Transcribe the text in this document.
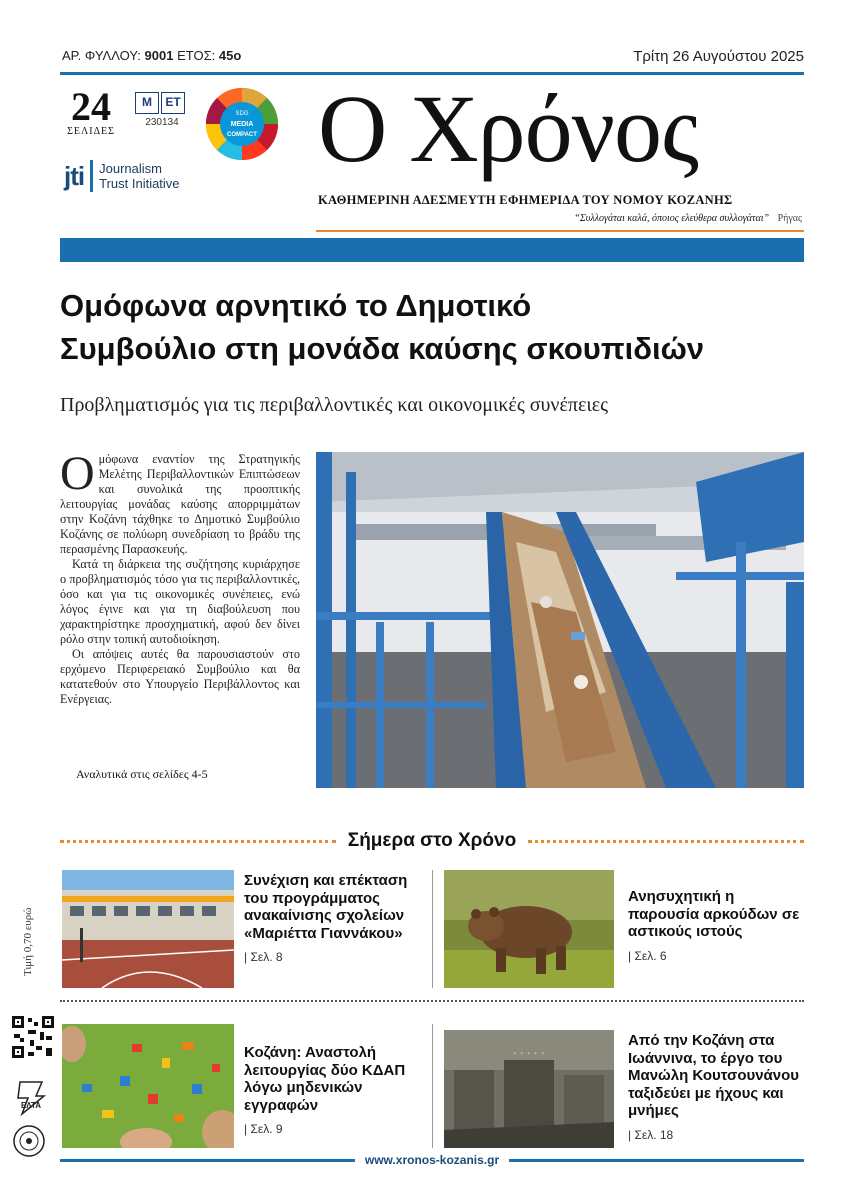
ΑΡ. ΦΥΛΛΟΥ: 9001 ΕΤΟΣ: 45ο	Τρίτη 26 Αυγούστου 2025
24
ΣΕΛΙΔΕΣ
Μ	ΕΤ
230134
SDG
MEDIA
COMPACT
jti Journalism
Trust Initiative
Ο Χρόνος
ΚΑΘΗΜΕΡΙΝΗ ΑΔΕΣΜΕΥΤΗ ΕΦΗΜΕΡΙΔΑ ΤΟΥ ΝΟΜΟΥ ΚΟΖΑΝΗΣ
“Συλλογάται καλά, όποιος ελεύθερα συλλογάται” Ρήγας
Ομόφωνα αρνητικό το Δημοτικό
Συμβούλιο στη μονάδα καύσης σκουπιδιών
Προβληματισμός για τις περιβαλλοντικές και οικονομικές συνέπειες

Ομόφωνα εναντίον της Στρατηγικής Μελέτης Περιβαλλοντικών Επιπτώσεων και συνολικά της προοπτικής λειτουργίας μονάδας καύσης απορριμμάτων στην Κοζάνη τάχθηκε το Δημοτικό Συμβούλιο Κοζάνης σε πολύωρη συνεδρίαση το βράδυ της περασμένης Παρασκευής.

Κατά τη διάρκεια της συζήτησης κυριάρχησε ο προβληματισμός τόσο για τις περιβαλλοντικές, όσο και για τις οικονομικές συνέπειες, ενώ λόγος έγινε και για τη διαβούλευση που χαρακτηρίστηκε προσχηματική, αφού δεν δίνει ρόλο στην τοπική αυτοδιοίκηση.

Οι απόψεις αυτές θα παρουσιαστούν στο ερχόμενο Περιφερειακό Συμβούλιο και θα κατατεθούν στο Υπουργείο Περιβάλλοντος και Ενέργειας.

Αναλυτικά στις σελίδες 4-5
Σήμερα στο Χρόνο
Τιμή 0,70 ευρώ
Συνέχιση και επέκταση του προγράμματος ανακαίνισης σχολείων «Μαριέττα Γιαννάκου»
| Σελ. 8
Ανησυχητική η παρουσία αρκούδων σε αστικούς ιστούς
| Σελ. 6
ΕΛΤΑ
Κοζάνη: Αναστολή λειτουργίας δύο ΚΔΑΠ λόγω μηδενικών εγγραφών
| Σελ. 9
. . . . .
Από την Κοζάνη στα Ιωάννινα, το έργο του Μανώλη Κουτσουνάνου ταξιδεύει με ήχους και μνήμες
| Σελ. 18
www.xronos-kozanis.gr
